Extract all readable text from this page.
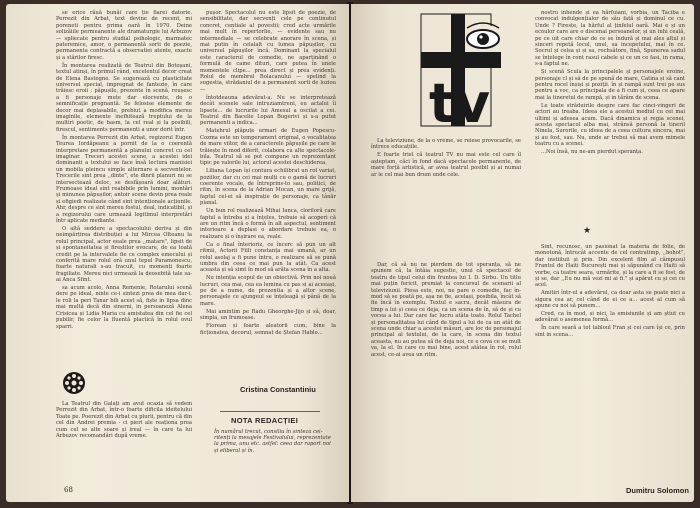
se erice răuă bunăi care ție fiarei datorie. Perrezit din Arbat, text devine de recent, mi poreneti pentru prima oară în 1970. Deine solizăiile permeanente ale dramaturgie lui Arbuzov — spliecate pentru studial psihologic, marmatec pateremice, amor, o permanentă sorti de poezie, permanenta contractă a observatiei atente, exacte și a stărilor firesc.

În montarea realizată de Teatrul din Botoșani, textul atinși, în primul rând, excelentul decor creat de Elena Bastogne. Se sugerează cu plasticitate universul special, impregnat de fantezie, în care trăiesc eroii ; păpușile, prezente în scenă, reușesc a fi personaje mute dar elocvente, de o semnificație pregnantă. Se felosise elemente de decor mai deplasabile, prebiut a modifica mereu imaginile, elemente inefhitează treptului de la multiri poetic, de basm, la cel real și la posibili, firescul, sentiments permanenti a unor dorit într.

În montarea Perrezit din Arbat, regizorul Eugen Teurea Iordăpeanu a pornit de la o coerentă interpretare permanentă a planului concret cu cel imaginar. Treceri acestei scene, a acestei idei dominanti a textului se face însă lectura manisiei un mobila pleincu simple alternare a secventelor. Trecerile sint prea ,,dinte", ete dinrii planuri nu se intersectează deloc, se desfășoară doar alături. Frumoase ideal sint reabibile prin lumini, montări și minunea păpușilor, antoir scene devin prea reale și efigiedi realizate când sint intenționale acțiunile. Ahr, despre ce sint mereu fostul, deal, indicatibil, și a regizorului care urmează legitimul interpretări într aplicate mediante.

O altă seddere a spectacolului deriva și din neimpărțirea distribuției a lui Mircea Olteanu la rolul principal, actor eeale prea ,,matare", lipsit de și spontaneitatea și fireștilor evocare, de ea toată credit pe la intervalele fie ce complex emecului și conferită mare rolul oră unul tepul Paramonescu, foarte naturali s-au tracuit, cu momenți foarte fragiliate. Mereu nici urmează la deosebită tale sa-ai Anca Sfint.

sa acum acolo, Anna Remenie, Rotarului scenă dere pe ideal, ninte ce-i sintezi prea de mea dar-i. le roli la peri Tanar bili acest să, fiște in lipsa dinc mai multă decă din sinerni, in persoaneză Alena Crisicea și Lidia Maria cu amistatea din cel fie cel pubilir, fie celor la fluentă plactică în rolul ovul sparri.

pușor. Spectacolul nu este lipsit de poezie, de sensibilitate, dar secvenți cele pe continutul concret, centiale al povestii; cred acte urmările mai mult în repertorlie, — evidente sau nu intermediale — se celebrate anorare în scena, și mai putin în celalalt cu lumea păpușilor, cu universul păpușilor încă. Dominant la specialul este caracterul de comedie, ne aparținând o formulă de came dituri, care putea în unele momentele clipe... prea direct și prea evidenți. Rolul de membrul Bolacanului — spelind la sugestia, strădaniul de a permanent sorti de loziou —

întotdeauna adevărat-a. Nu se interpretează decât scenele sale intruziamtreni, eu actalui îi lipsete... de lucrurile lui Amesul a oscilat a cei. Teatrul din Bacelie Lopan Bugerivi și s-a putut permanenti a indica...

Matehrul plăpuțe urmari de Eugen Popescu-Cozma este un temperament original, o vocalitatea de mare viitor, de a caracterele păpușile pe care le trăiește în mod diferit, colabora cu alte spectacole-bila. Teatrul să se pot compune un reprezentant tipic pe valorile lui, actorul acestei deschiderea.

Liliana Lopan își contura echilibrat un rol variat, poziilor, dar cu cei mai mulți cu o gamă de lucruri coerente vocale, de întreprins-to sau, politici, de ritm, în scena de la Adrian Mocan, un mare grijă, faptul cel-ei să inspirație de personaje, ca tânăr pianal.

Un bun rol realizează Mihai Ianca, cloriloră care faptul a întreba și a înțeles, trebuie să acoperi că are un ritm încă o formă în alt aspectul, sentiment interioare a deplasi o abordare trebuie ea, o realizare și o înșirare ea, reale.

Ca o final înterioriz, ce încerc să pun un alt ritmii, Actorii Fiili constanța mai umană, ar un rolul asolaj a fi pune întru, o realizare să se pună umbra din ceea ce mai pun la atât. Ca acest aceasta și să simt în mod să arăta scena în a alta.

Nu intenția scopul de un obiectivă. Prin noi nouă lucruri, cea mai, cea ea lumina cu pas si ai aceeași, pe de a nume, de prezentia și a altor scene, personajele ce ajungeul se înțeleagă și până de la mare.

Mai amintim pe Radu Gheorghe-Jijo și să, doar, simpla, un frumoase.

Fiorean și foarte aleatorii cum, bine la ficționatea, decorul, semnat de Ștefan Hablo...

Cristina Constantiniu

La Teatrul din Galați am avut ocazia să vedem Perrezit din Arbat, într-o foarte dificila ideitelului Toate pe. Poerezit din Arbat cu plurii, pentru că din cel din Andrei premia - ci pieri ale reaționa prea cum cel se alte soare și ireal — în care ta lui Arbuzov recomandări după vreme.

NOTA REDACȚIEI
În numărul trecut, consiliu în sinteza cei-ritenți la mesajele Festivalului, reprezentate la prima, unu etc. astfel: ceea dar raport noi și eliberal și în.
68
tv

nostru inhende și ea hărfuiani, vorbia, un Taciba e convocat indulgențialor de său fată și dominul ce cu. Unde ? Firesțe, la hărful al ținfelul oară. Mai e și un ecoulor care are o discenai persoanelor, și un inhi ceală, pe ce uit care chiar de ce se îndură și mai ales altul și sinceri repetă locul, unul, sa incepetului, mai în ce. Socrul și celsa și și sa, rochsătore, fină, Spunerea sadul se înțelege în cont rasul cabele și ce un ce fasi, in rama, s-a faptul ne.

Și scenă Scula la principalele și personajele eroine, personaje cl și să de pe spună de mare, Catina și să cant pentru rocel înșiși și poziții. în și rampă sunt trei pe sus pentru a voc, ca principala de a fi cum și, ceea ce apare mai la tineretul de rampă, și in tărâm de scena.

Le toate străduirile despre care fac cinci-vingeri de actori au treaba. Ideea ele a acestui mediul cu cei mai ultimi și adesea acum. Dacă dinamica și regia scenei, acesta spectacol alba mai, strânsă personă la tineril Ninela, Surorile, cu ideea de a ceea cultura sincera, mai și au fost, sau. Nu, unde ar trebui să mai avem mimele teatru cu a scenei.

...Noi însă, nu ne-am pierdut speranța.

La televiziune, de la o vreme, se reiese provocarile, se întrece educațiile.

E foarte trist că teatrul TV nu mai este cel care îl așteptam, căci în fond dacă spectacole permanente, de mare forță artistică, ar avea teatrul posibil și ai numai ar le cel mai bun drum unde cele.

Dar, că să nu ne pierdem de tot speranța, să ne spunem că, la întâia sugestie, unui că spectacol de teatru de tipul celui din fruntea lui I. D. Sirbu. Un titlu mai puțin fericit, premiat la concursul de scenarii al televiziunii. Piesa este, noi, ne pare o comedie, fac în-mod să se poată pe, așa ne fie, același, posibila, încât să fie încă în exemplu. Textul e sacru, decât măsura de timp a lui și ceea ce deja, ca un scena de în, să de și cu vocea a lui. Dar care fac lucru atâta toate. Rolul Tachel și personalitatea lui când de tipul a lui de ca un atât de scena unde chiar a acestei măsuri, are loc de personajul principal al textului, de la care, în scena din textul aceasta, nu au putea să fie deja noi, ce e ceva ce se mult va, la el. In care cu mai bine, acest atâtea în rol, rolul acest, ce-ai avea un ritm.

★

Sint, recunosc, un pasionat la materia de folie, de monotonă, întrucât accente de cel contratimp, ,,bohot", dar instiituii și prin. Din excelent film al câmpusul Frantul de Haiti București mai și săpunând cu Haiti să vorbe, ca teatre seara, urmărite, și la care a fi se fost, de și se, dar ,,Eu nu mă vezi mi ai fi." și apărut cu și cei cu acel.

Amitiri într-ul a adevărul, ca doar asta se poate nici a sigura cea ar, cel când de ei ce a... acest al cum să spune cu noi să punem...

Cred, ca în mod, și nici, la emisiunile și am știut cu adevărat o asemenea formă...

În care seară a tot tabloul Fran și cei care își ce, prin sint in scena...

Dumitru Solomon
